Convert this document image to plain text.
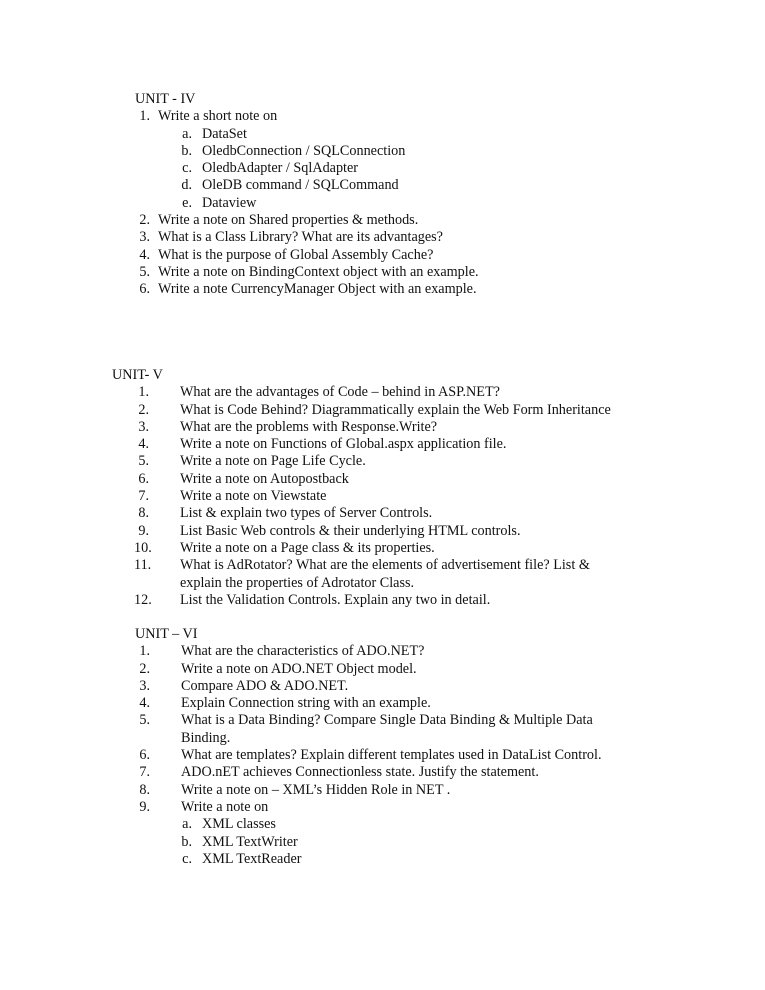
UNIT - IV
1. Write a short note on
a. DataSet
b. OledbConnection / SQLConnection
c. OledbAdapter / SqlAdapter
d. OleDB command / SQLCommand
e. Dataview
2. Write a note on Shared properties & methods.
3. What is a Class Library? What are its advantages?
4. What is the purpose of Global Assembly Cache?
5. Write a note on BindingContext object with an example.
6. Write a note CurrencyManager Object with an example.
UNIT- V
1. What are the advantages of Code – behind in ASP.NET?
2. What is Code Behind? Diagrammatically explain the Web Form Inheritance
3. What are the problems with Response.Write?
4. Write a note on Functions of Global.aspx application file.
5. Write a note on Page Life Cycle.
6. Write a note on Autopostback
7. Write a note on Viewstate
8. List & explain two types of Server Controls.
9. List Basic Web controls & their underlying HTML controls.
10. Write a note on a Page class & its properties.
11. What is AdRotator? What are the elements of advertisement file? List & explain the properties of Adrotator Class.
12. List the Validation Controls. Explain any two in detail.
UNIT – VI
1. What are the characteristics of ADO.NET?
2. Write a note on ADO.NET Object model.
3. Compare ADO & ADO.NET.
4. Explain Connection string with an example.
5. What is a Data Binding? Compare Single Data Binding & Multiple Data Binding.
6. What are templates? Explain different templates used in DataList Control.
7. ADO.nET achieves Connectionless state. Justify the statement.
8. Write a note on – XML’s Hidden Role in NET .
9. Write a note on
a. XML classes
b. XML TextWriter
c. XML TextReader
